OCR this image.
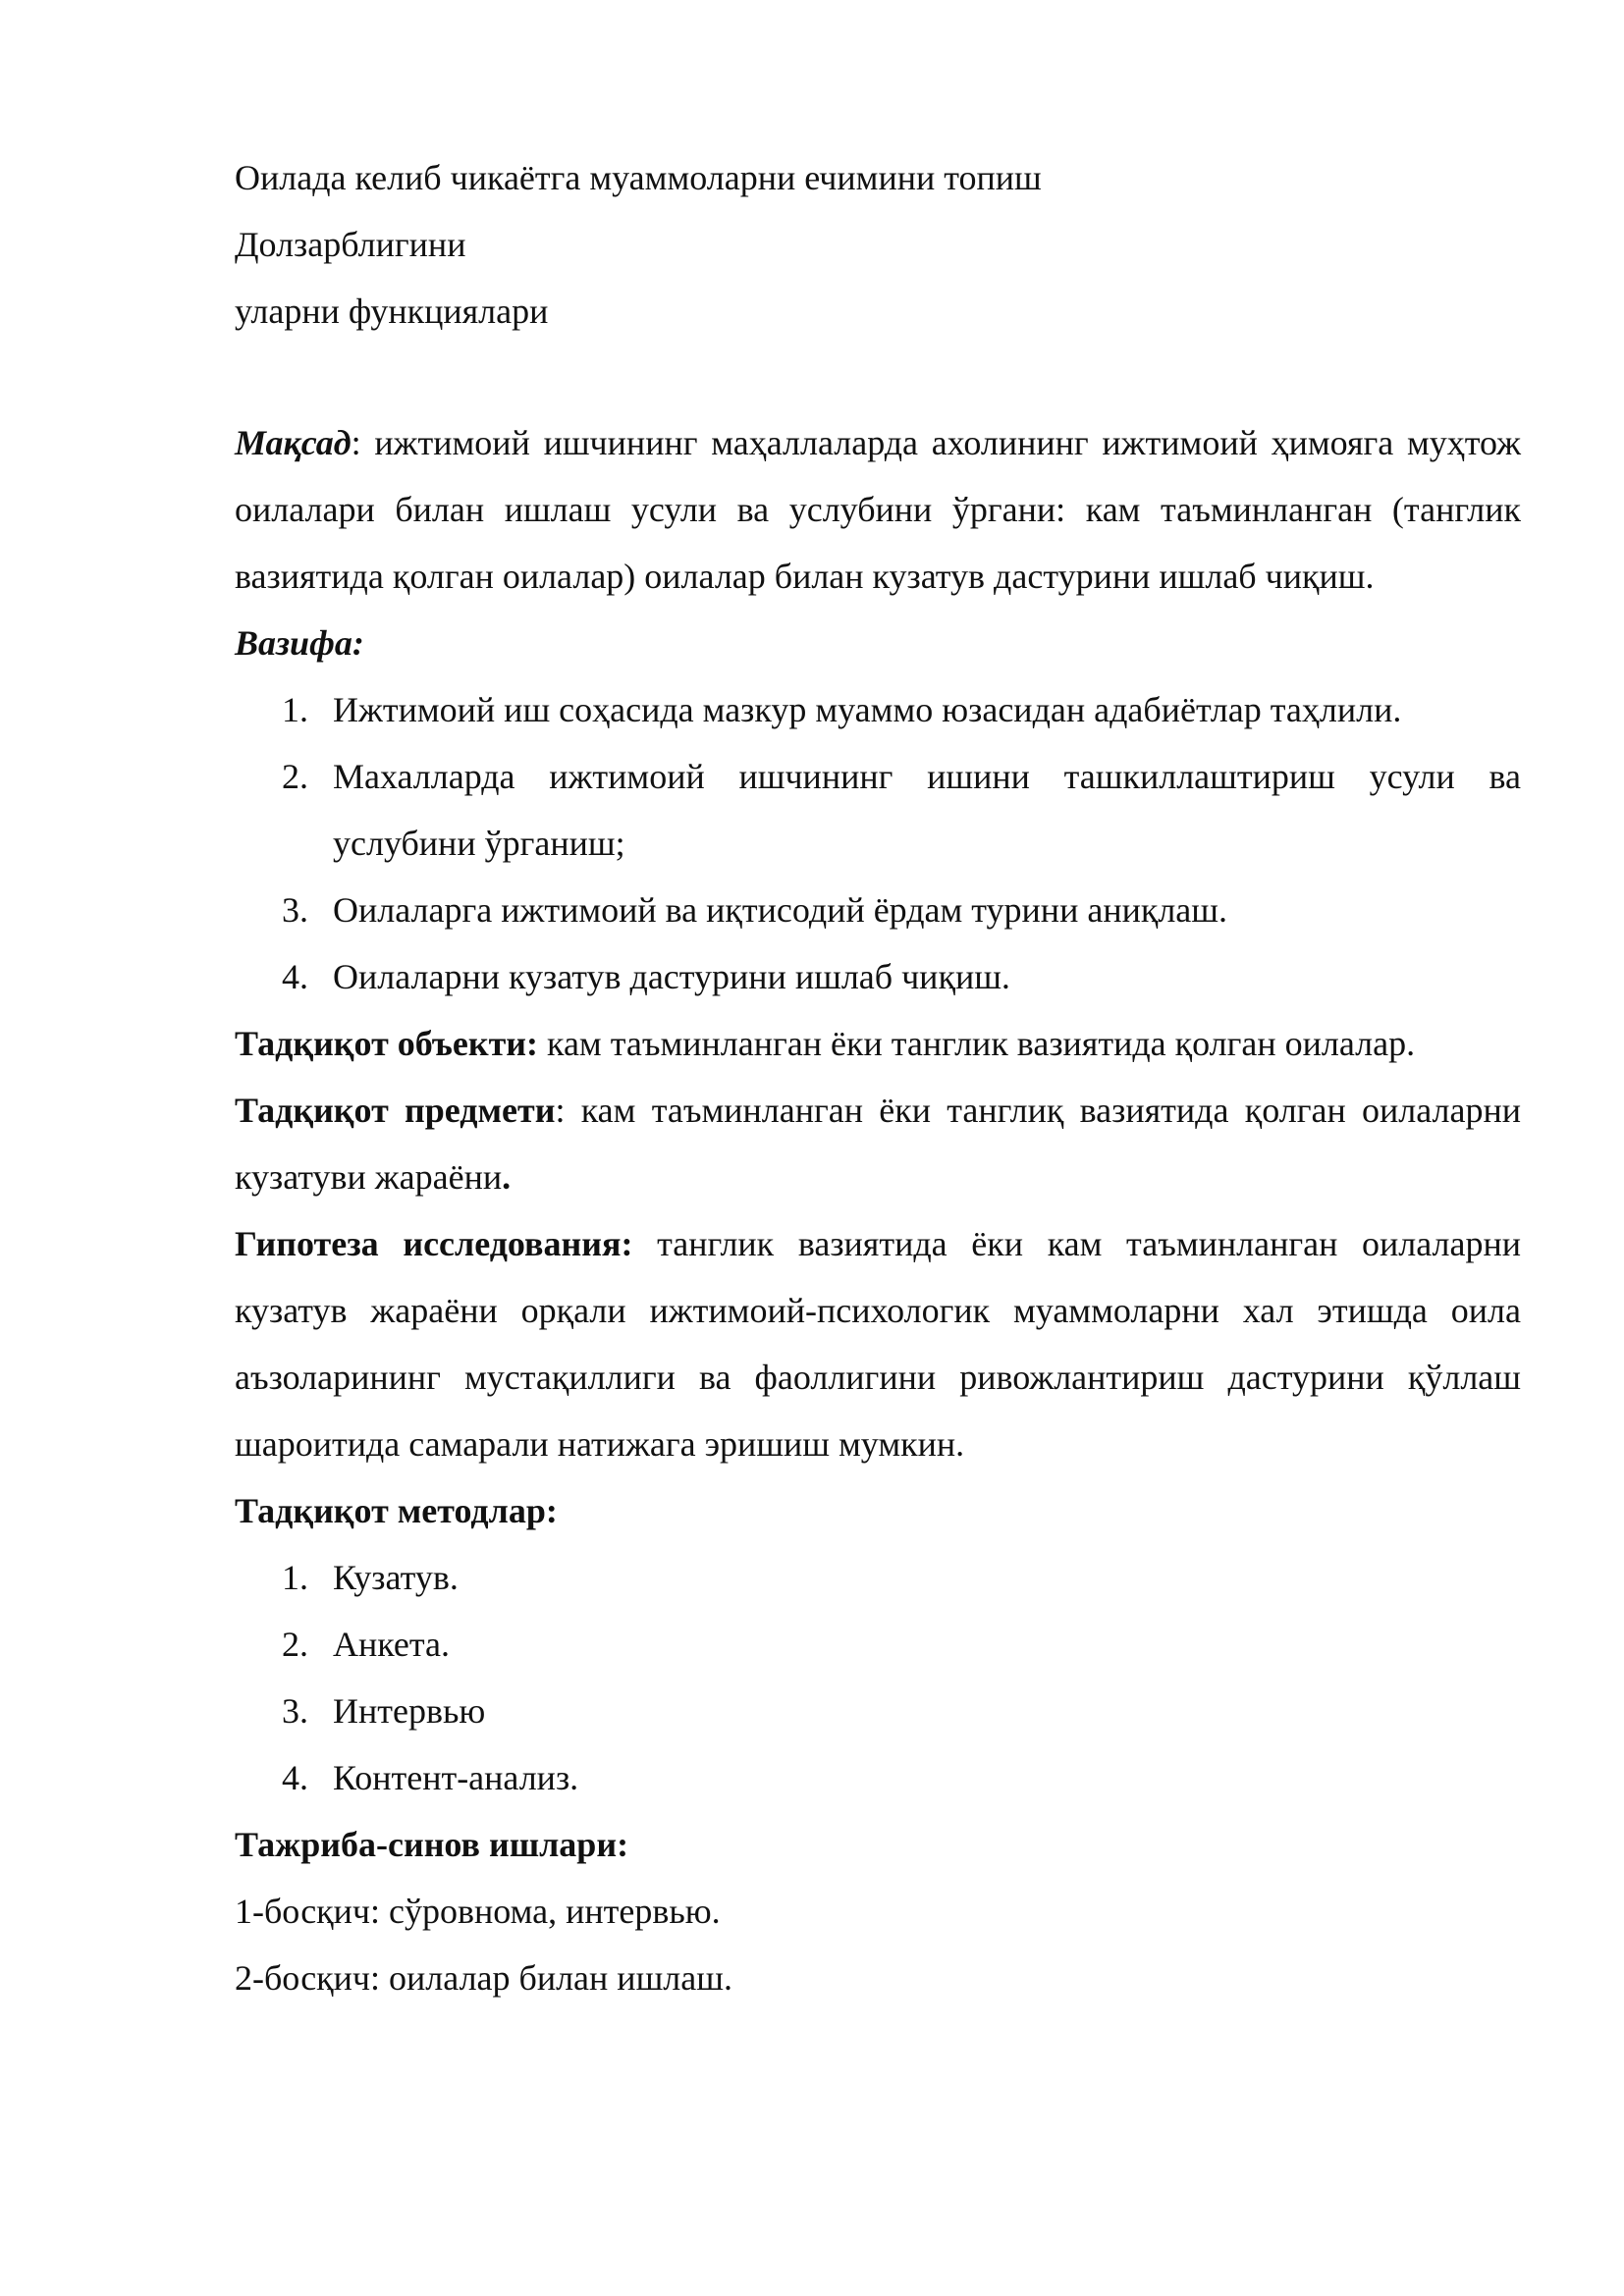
Оилада келиб чикаётга муаммоларни ечимини топиш

Долзарблигини

уларни функциялари

Мақсад: ижтимоий ишчининг маҳаллаларда ахолининг ижтимоий ҳимояга муҳтож оилалари билан ишлаш усули ва услубини ўргани: кам таъминланган (танглик вазиятида қолган оилалар) оилалар билан кузатув дастурини ишлаб чиқиш.

Вазифа:

1. Ижтимоий иш соҳасида мазкур муаммо юзасидан адабиётлар таҳлили.
2. Махалларда ижтимоий ишчининг ишини ташкиллаштириш усули ва услубини ўрганиш;
3. Оилаларга ижтимоий ва иқтисодий ёрдам турини аниқлаш.
4. Оилаларни кузатув дастурини ишлаб чиқиш.

Тадқиқот объекти: кам таъминланган ёки танглик вазиятида қолган оилалар.

Тадқиқот предмети: кам таъминланган ёки танглиқ вазиятида қолган оилаларни кузатуви жараёни.

Гипотеза исследования: танглик вазиятида ёки кам таъминланган оилаларни кузатув жараёни орқали ижтимоий-психологик муаммоларни хал этишда оила аъзоларининг мустақиллиги ва фаоллигини ривожлантириш дастурини қўллаш шароитида самарали натижага эришиш мумкин.

Тадқиқот методлар:

1. Кузатув.
2. Анкета.
3. Интервью
4. Контент-анализ.

Тажриба-синов ишлари:

1-босқич: сўровнома, интервью.

2-босқич: оилалар билан ишлаш.
